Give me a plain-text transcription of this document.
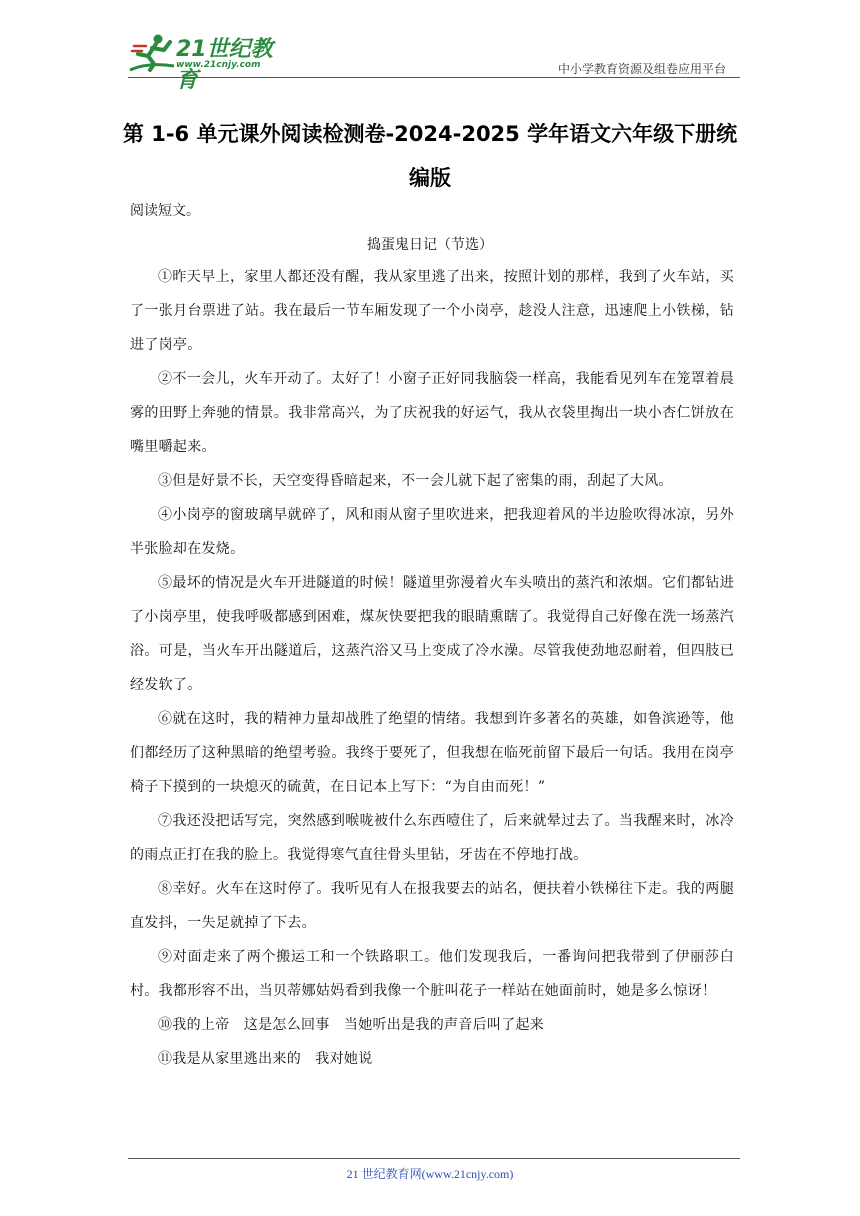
21世纪教育
www.21cnjy.com	中小学教育资源及组卷应用平台
第 1-6 单元课外阅读检测卷-2024-2025 学年语文六年级下册统
编版
阅读短文。
捣蛋鬼日记（节选）

①昨天早上，家里人都还没有醒，我从家里逃了出来，按照计划的那样，我到了火车站，买了一张月台票进了站。我在最后一节车厢发现了一个小岗亭，趁没人注意，迅速爬上小铁梯，钻进了岗亭。

②不一会儿，火车开动了。太好了！小窗子正好同我脑袋一样高，我能看见列车在笼罩着晨雾的田野上奔驰的情景。我非常高兴，为了庆祝我的好运气，我从衣袋里掏出一块小杏仁饼放在嘴里嚼起来。

③但是好景不长，天空变得昏暗起来，不一会儿就下起了密集的雨，刮起了大风。

④小岗亭的窗玻璃早就碎了，风和雨从窗子里吹进来，把我迎着风的半边脸吹得冰凉，另外半张脸却在发烧。

⑤最坏的情况是火车开进隧道的时候！隧道里弥漫着火车头喷出的蒸汽和浓烟。它们都钻进了小岗亭里，使我呼吸都感到困难，煤灰快要把我的眼睛熏瞎了。我觉得自己好像在洗一场蒸汽浴。可是，当火车开出隧道后，这蒸汽浴又马上变成了冷水澡。尽管我使劲地忍耐着，但四肢已经发软了。

⑥就在这时，我的精神力量却战胜了绝望的情绪。我想到许多著名的英雄，如鲁滨逊等，他们都经历了这种黑暗的绝望考验。我终于要死了，但我想在临死前留下最后一句话。我用在岗亭椅子下摸到的一块熄灭的硫黄，在日记本上写下：“为自由而死！”

⑦我还没把话写完，突然感到喉咙被什么东西噎住了，后来就晕过去了。当我醒来时，冰冷的雨点正打在我的脸上。我觉得寒气直往骨头里钻，牙齿在不停地打战。

⑧幸好。火车在这时停了。我听见有人在报我要去的站名，便扶着小铁梯往下走。我的两腿直发抖，一失足就掉了下去。

⑨对面走来了两个搬运工和一个铁路职工。他们发现我后，一番询问把我带到了伊丽莎白村。我都形容不出，当贝蒂娜姑妈看到我像一个脏叫花子一样站在她面前时，她是多么惊讶！

⑩我的上帝　这是怎么回事　当她听出是我的声音后叫了起来

⑪我是从家里逃出来的　我对她说

21 世纪教育网(www.21cnjy.com)
